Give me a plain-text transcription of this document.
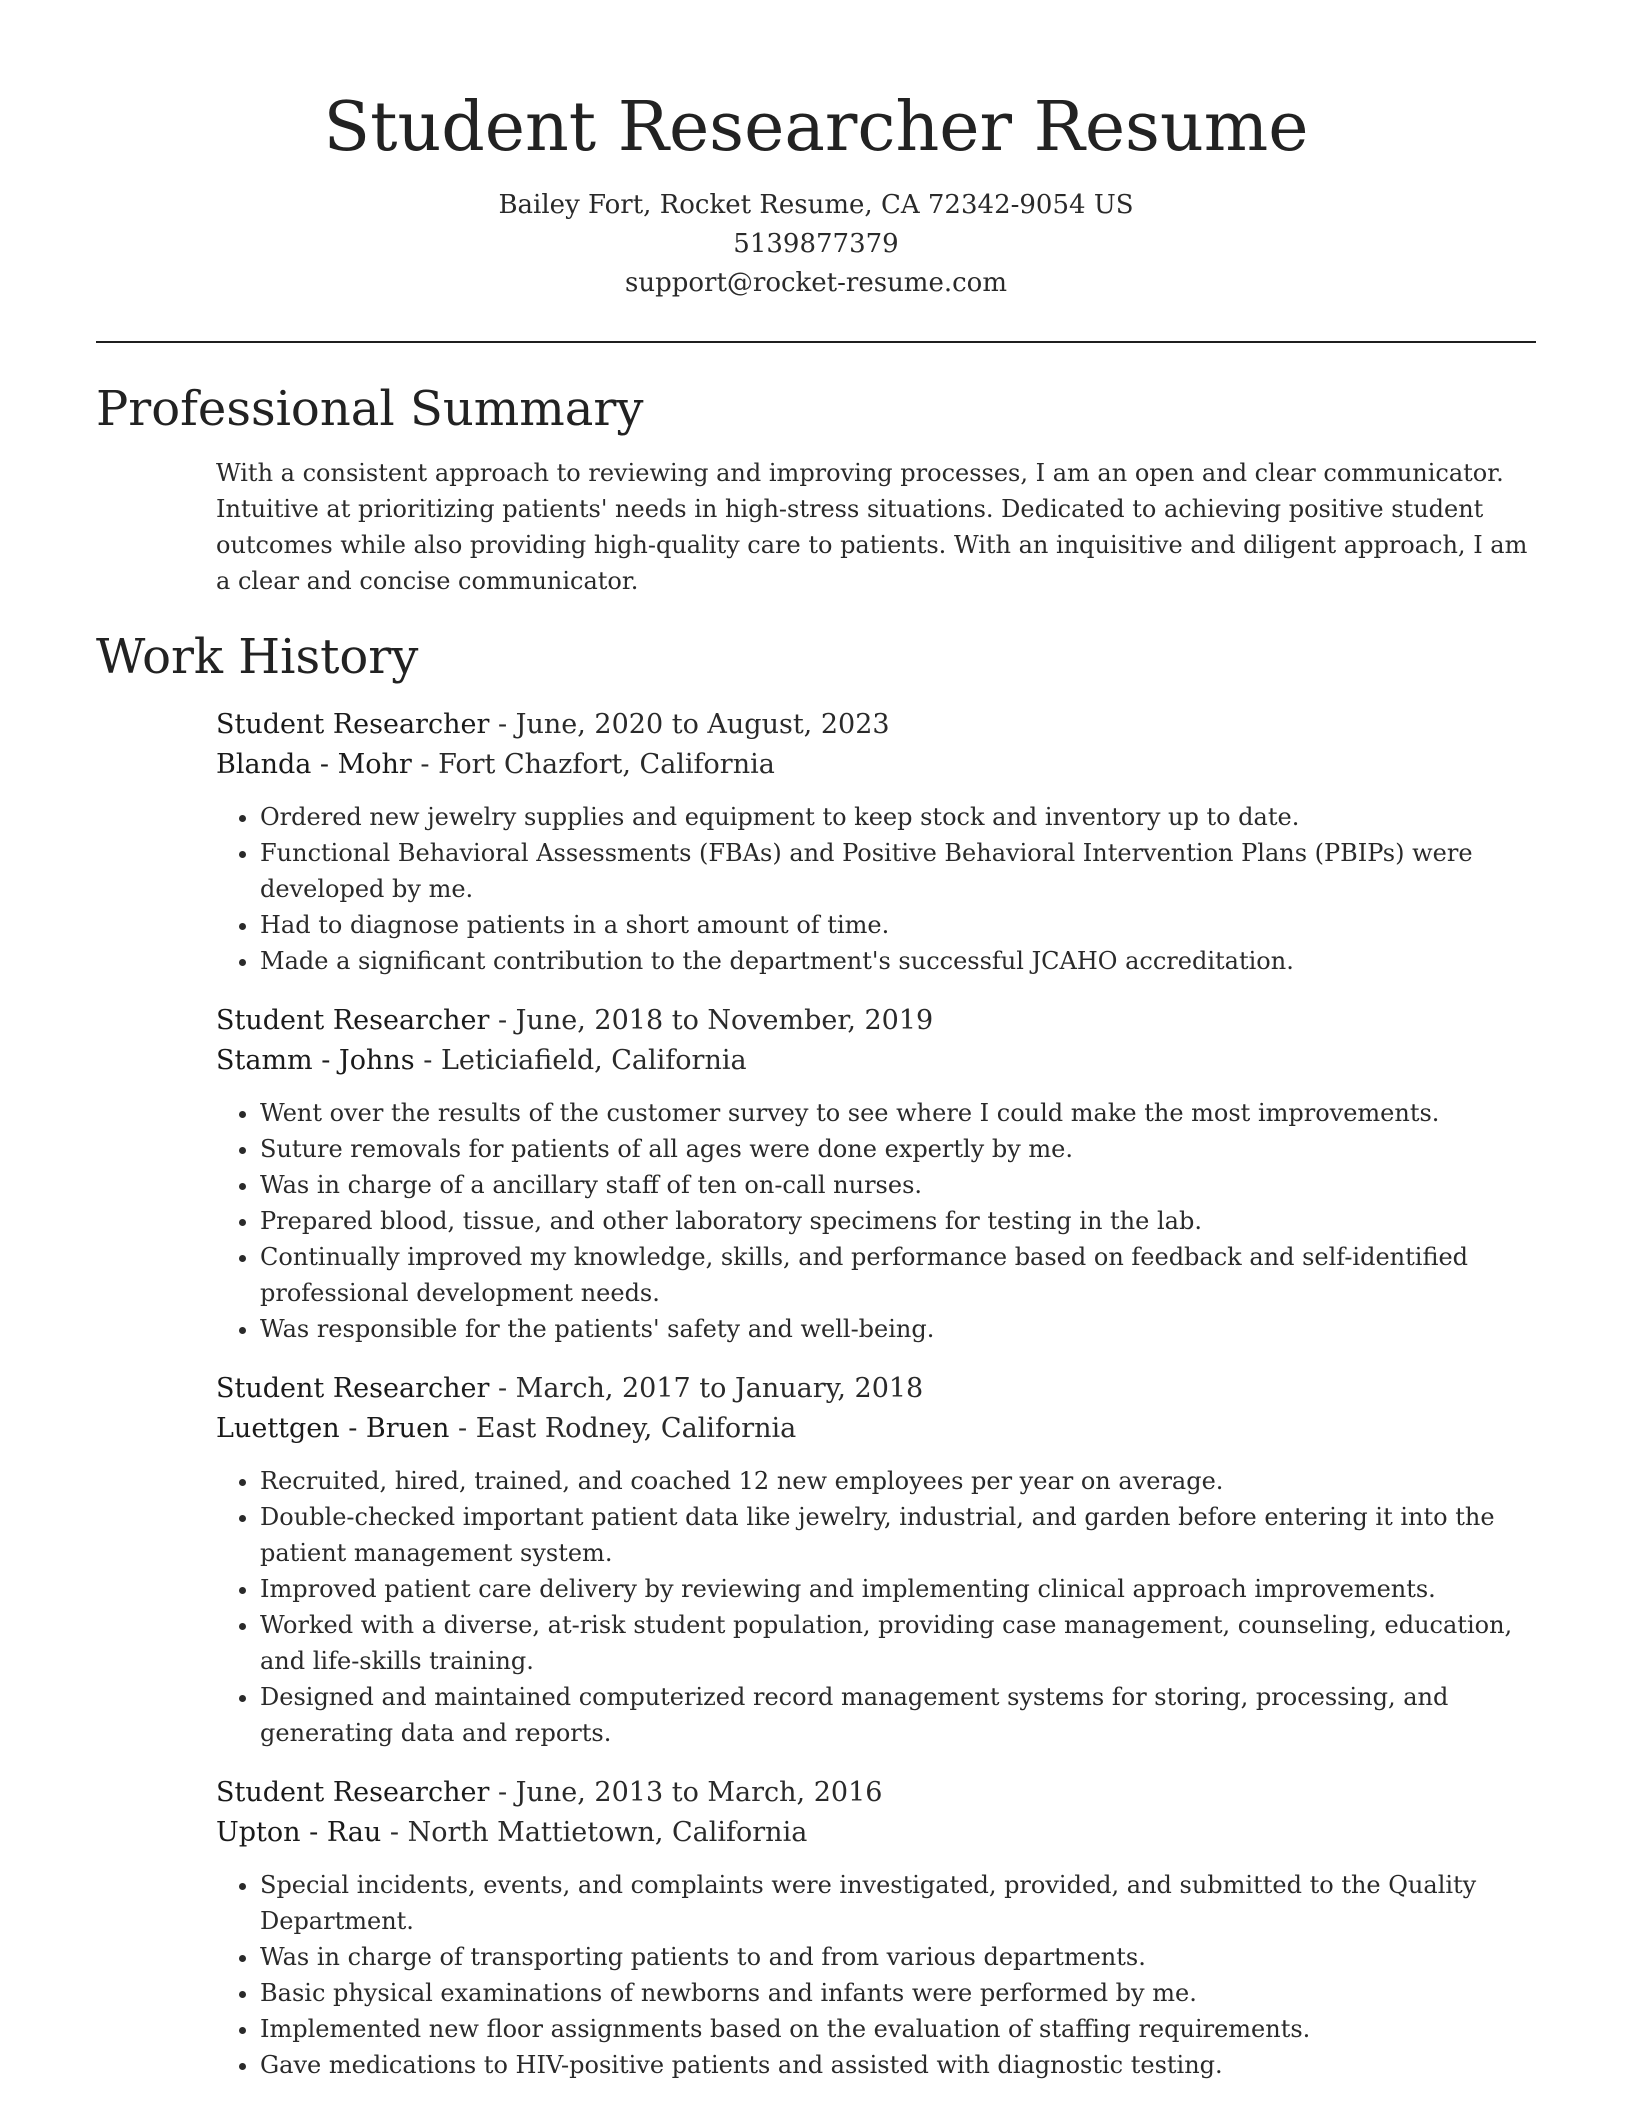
Student Researcher Resume
Bailey Fort, Rocket Resume, CA 72342-9054 US
5139877379
support@rocket-resume.com
Professional Summary

With a consistent approach to reviewing and improving processes, I am an open and clear communicator. Intuitive at prioritizing patients' needs in high-stress situations. Dedicated to achieving positive student outcomes while also providing high-quality care to patients. With an inquisitive and diligent approach, I am a clear and concise communicator.

Work History
Student Researcher - June, 2020 to August, 2023
Blanda - Mohr - Fort Chazfort, California
• Ordered new jewelry supplies and equipment to keep stock and inventory up to date.
• Functional Behavioral Assessments (FBAs) and Positive Behavioral Intervention Plans (PBIPs) were developed by me.
• Had to diagnose patients in a short amount of time.
• Made a significant contribution to the department's successful JCAHO accreditation.
Student Researcher - June, 2018 to November, 2019
Stamm - Johns - Leticiafield, California
• Went over the results of the customer survey to see where I could make the most improvements.
• Suture removals for patients of all ages were done expertly by me.
• Was in charge of a ancillary staff of ten on-call nurses.
• Prepared blood, tissue, and other laboratory specimens for testing in the lab.
• Continually improved my knowledge, skills, and performance based on feedback and self-identified professional development needs.
• Was responsible for the patients' safety and well-being.
Student Researcher - March, 2017 to January, 2018
Luettgen - Bruen - East Rodney, California
• Recruited, hired, trained, and coached 12 new employees per year on average.
• Double-checked important patient data like jewelry, industrial, and garden before entering it into the patient management system.
• Improved patient care delivery by reviewing and implementing clinical approach improvements.
• Worked with a diverse, at-risk student population, providing case management, counseling, education, and life-skills training.
• Designed and maintained computerized record management systems for storing, processing, and generating data and reports.
Student Researcher - June, 2013 to March, 2016
Upton - Rau - North Mattietown, California
• Special incidents, events, and complaints were investigated, provided, and submitted to the Quality Department.
• Was in charge of transporting patients to and from various departments.
• Basic physical examinations of newborns and infants were performed by me.
• Implemented new floor assignments based on the evaluation of staffing requirements.
• Gave medications to HIV-positive patients and assisted with diagnostic testing.
